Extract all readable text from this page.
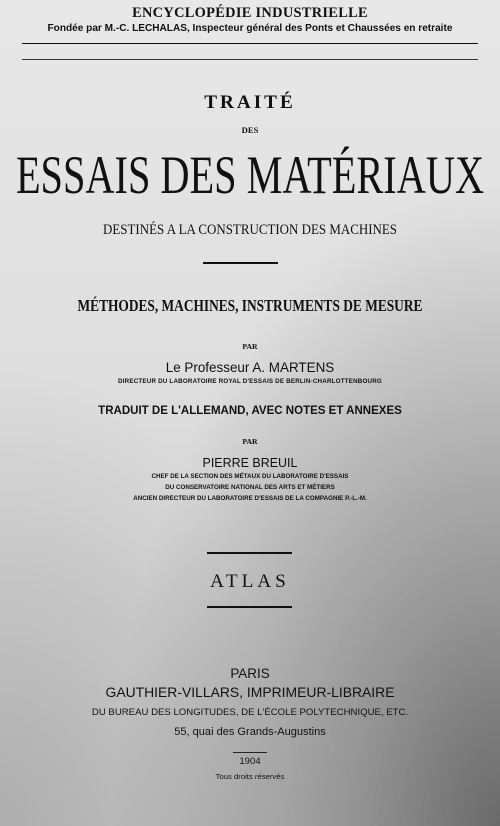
ENCYCLOPÉDIE INDUSTRIELLE
Fondée par M.-C. LECHALAS, Inspecteur général des Ponts et Chaussées en retraite
TRAITÉ
DES
ESSAIS DES MATÉRIAUX
DESTINÉS A LA CONSTRUCTION DES MACHINES
MÉTHODES, MACHINES, INSTRUMENTS DE MESURE
PAR
Le Professeur A. MARTENS
DIRECTEUR DU LABORATOIRE ROYAL D'ESSAIS DE BERLIN-CHARLOTTENBOURG
TRADUIT DE L'ALLEMAND, AVEC NOTES ET ANNEXES
PAR
PIERRE BREUIL
CHEF DE LA SECTION DES MÉTAUX DU LABORATOIRE D'ESSAIS
DU CONSERVATOIRE NATIONAL DES ARTS ET MÉTIERS
ANCIEN DIRECTEUR DU LABORATOIRE D'ESSAIS DE LA COMPAGNIE P.-L.-M.
ATLAS
PARIS
GAUTHIER-VILLARS, IMPRIMEUR-LIBRAIRE
DU BUREAU DES LONGITUDES, DE L'ÉCOLE POLYTECHNIQUE, ETC.
55, quai des Grands-Augustins
1904
Tous droits réservés
